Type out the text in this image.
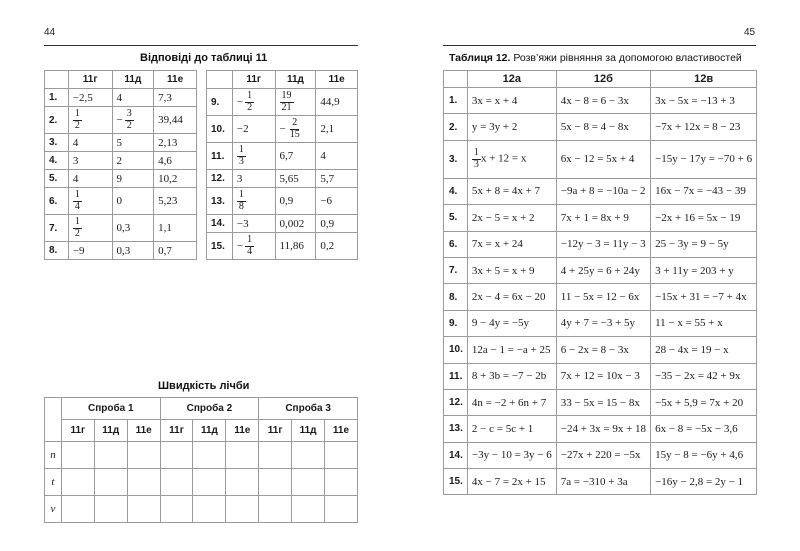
44
Відповіді до таблиці 11
	11г	11д	11е
1.	−2,5	4	7,3
2.	$\frac{1}{2}$	− $\frac{3}{2}$	39,44
3.	4	5	2,13
4.	3	2	4,6
5.	4	9	10,2
6.	$\frac{1}{4}$	0	5,23
7.	$\frac{1}{2}$	0,3	1,1
8.	−9	0,3	0,7
	11г	11д	11е
9.	− $\frac{1}{2}$	$\frac{19}{21}$	44,9
10.	−2	− $\frac{2}{15}$	2,1
11.	$\frac{1}{3}$	6,7	4
12.	3	5,65	5,7
13.	$\frac{1}{8}$	0,9	−6
14.	−3	0,002	0,9
15.	− $\frac{1}{4}$	11,86	0,2
Швидкість лічби
	Спроба 1			Спроба 2			Спроба 3		
	11г	11д	11е	11г	11д	11е	11г	11д	11е
n									
t									
v									
45
Таблиця 12. Розв’яжи рівняння за допомогою властивостей
	12а	12б	12в
1.	3x = x + 4	4x − 8 = 6 − 3x	3x − 5x = −13 + 3
2.	y = 3y + 2	5x − 8 = 4 − 8x	−7x + 12x = 8 − 23
3.	$\frac{1}{3}$ x + 12 = x	6x − 12 = 5x + 4	−15y − 17y = −70 + 6
4.	5x + 8 = 4x + 7	−9a + 8 = −10a − 2	16x − 7x = −43 − 39
5.	2x − 5 = x + 2	7x + 1 = 8x + 9	−2x + 16 = 5x − 19
6.	7x = x + 24	−12y − 3 = 11y − 3	25 − 3y = 9 − 5y
7.	3x + 5 = x + 9	4 + 25y = 6 + 24y	3 + 11y = 203 + y
8.	2x − 4 = 6x − 20	11 − 5x = 12 − 6x	−15x + 31 = −7 + 4x
9.	9 − 4y = −5y	4y + 7 = −3 + 5y	11 − x = 55 + x
10.	12a − 1 = −a + 25	6 − 2x = 8 − 3x	28 − 4x = 19 − x
11.	8 + 3b = −7 − 2b	7x + 12 = 10x − 3	−35 − 2x = 42 + 9x
12.	4n = −2 + 6n + 7	33 − 5x = 15 − 8x	−5x + 5,9 = 7x + 20
13.	2 − c = 5c + 1	−24 + 3x = 9x + 18	6x − 8 = −5x − 3,6
14.	−3y − 10 = 3y − 6	−27x + 220 = −5x	15y − 8 = −6y + 4,6
15.	4x − 7 = 2x + 15	7a = −310 + 3a	−16y − 2,8 = 2y − 1
